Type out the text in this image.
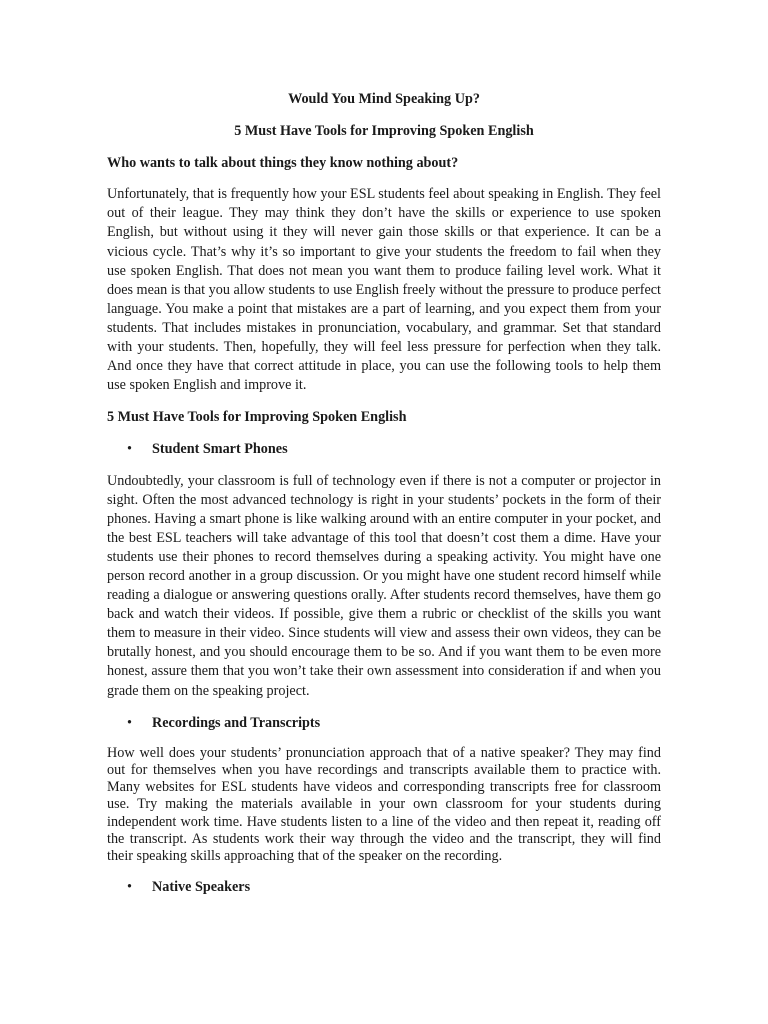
Would You Mind Speaking Up?

5 Must Have Tools for Improving Spoken English

Who wants to talk about things they know nothing about?

Unfortunately, that is frequently how your ESL students feel about speaking in English. They feel out of their league. They may think they don’t have the skills or experience to use spoken English, but without using it they will never gain those skills or that experience. It can be a vicious cycle. That’s why it’s so important to give your students the freedom to fail when they use spoken English. That does not mean you want them to produce failing level work. What it does mean is that you allow students to use English freely without the pressure to produce perfect language. You make a point that mistakes are a part of learning, and you expect them from your students. That includes mistakes in pronunciation, vocabulary, and grammar. Set that standard with your students. Then, hopefully, they will feel less pressure for perfection when they talk. And once they have that correct attitude in place, you can use the following tools to help them use spoken English and improve it.

5 Must Have Tools for Improving Spoken English

•	Student Smart Phones

Undoubtedly, your classroom is full of technology even if there is not a computer or projector in sight. Often the most advanced technology is right in your students’ pockets in the form of their phones. Having a smart phone is like walking around with an entire computer in your pocket, and the best ESL teachers will take advantage of this tool that doesn’t cost them a dime. Have your students use their phones to record themselves during a speaking activity. You might have one person record another in a group discussion. Or you might have one student record himself while reading a dialogue or answering questions orally. After students record themselves, have them go back and watch their videos. If possible, give them a rubric or checklist of the skills you want them to measure in their video. Since students will view and assess their own videos, they can be brutally honest, and you should encourage them to be so. And if you want them to be even more honest, assure them that you won’t take their own assessment into consideration if and when you grade them on the speaking project.

•	Recordings and Transcripts

How well does your students’ pronunciation approach that of a native speaker? They may find out for themselves when you have recordings and transcripts available them to practice with. Many websites for ESL students have videos and corresponding transcripts free for classroom use. Try making the materials available in your own classroom for your students during independent work time. Have students listen to a line of the video and then repeat it, reading off the transcript. As students work their way through the video and the transcript, they will find their speaking skills approaching that of the speaker on the recording.

•	Native Speakers
